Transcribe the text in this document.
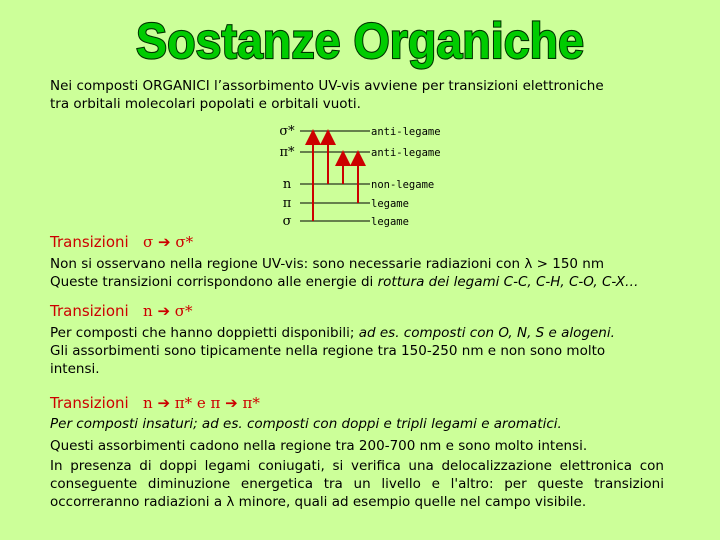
Sostanze Organiche
Nei composti ORGANICI l’assorbimento UV-vis avviene per transizioni elettroniche
tra orbitali molecolari popolati e orbitali vuoti.
σ*	anti-legame
π*	anti-legame
n	non-legame
π	legame
σ	legame
Transizioni σ ➔ σ*
Non si osservano nella regione UV-vis: sono necessarie radiazioni con λ > 150 nm
Queste transizioni corrispondono alle energie di rottura dei legami C-C, C-H, C-O, C-X…
Transizioni n ➔ σ*
Per composti che hanno doppietti disponibili; ad es. composti con O, N, S e alogeni.
Gli assorbimenti sono tipicamente nella regione tra 150-250 nm e non sono molto intensi.
Transizioni n ➔ π* e π ➔ π*
Per composti insaturi; ad es. composti con doppi e tripli legami e aromatici.
Questi assorbimenti cadono nella regione tra 200-700 nm e sono molto intensi.
In presenza di doppi legami coniugati, si verifica una delocalizzazione elettronica con conseguente diminuzione energetica tra un livello e l'altro: per queste transizioni occorreranno radiazioni a λ minore, quali ad esempio quelle nel campo visibile.
